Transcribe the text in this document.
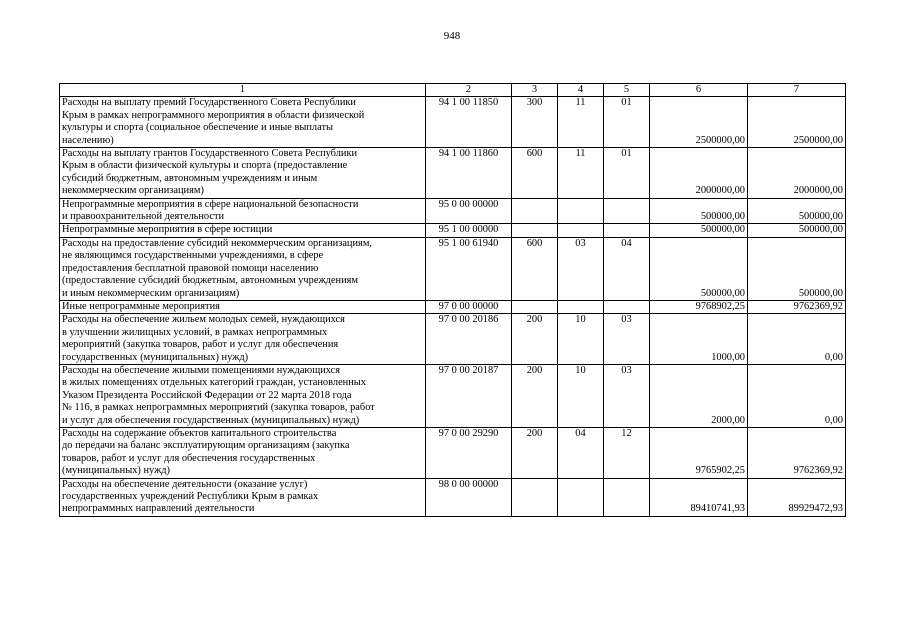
948
1	2	3	4	5	6	7
Расходы на выплату премий Государственного Совета Республики
Крым в рамках непрограммного мероприятия в области физической
культуры и спорта (социальное обеспечение и иные выплаты
населению)	94 1 00 11850	300	11	01	2500000,00	2500000,00
Расходы на выплату грантов Государственного Совета Республики
Крым в области физической культуры и спорта (предоставление
субсидий бюджетным, автономным учреждениям и иным
некоммерческим организациям)	94 1 00 11860	600	11	01	2000000,00	2000000,00
Непрограммные мероприятия в сфере национальной безопасности
и правоохранительной деятельности	95 0 00 00000				500000,00	500000,00
Непрограммные мероприятия в сфере юстиции	95 1 00 00000				500000,00	500000,00
Расходы на предоставление субсидий некоммерческим организациям,
не являющимся государственными учреждениями, в сфере
предоставления бесплатной правовой помощи населению
(предоставление субсидий бюджетным, автономным учреждениям
и иным некоммерческим организациям)	95 1 00 61940	600	03	04	500000,00	500000,00
Иные непрограммные мероприятия	97 0 00 00000				9768902,25	9762369,92
Расходы на обеспечение жильем молодых семей, нуждающихся
в улучшении жилищных условий, в рамках непрограммных
мероприятий (закупка товаров, работ и услуг для обеспечения
государственных (муниципальных) нужд)	97 0 00 20186	200	10	03	1000,00	0,00
Расходы на обеспечение жилыми помещениями нуждающихся
в жилых помещениях отдельных категорий граждан, установленных
Указом Президента Российской Федерации от 22 марта 2018 года
№ 116, в рамках непрограммных мероприятий (закупка товаров, работ
и услуг для обеспечения государственных (муниципальных) нужд)	97 0 00 20187	200	10	03	2000,00	0,00
Расходы на содержание объектов капитального строительства
до передачи на баланс эксплуатирующим организациям (закупка
товаров, работ и услуг для обеспечения государственных
(муниципальных) нужд)	97 0 00 29290	200	04	12	9765902,25	9762369,92
Расходы на обеспечение деятельности (оказание услуг)
государственных учреждений Республики Крым в рамках
непрограммных направлений деятельности	98 0 00 00000				89410741,93	89929472,93
